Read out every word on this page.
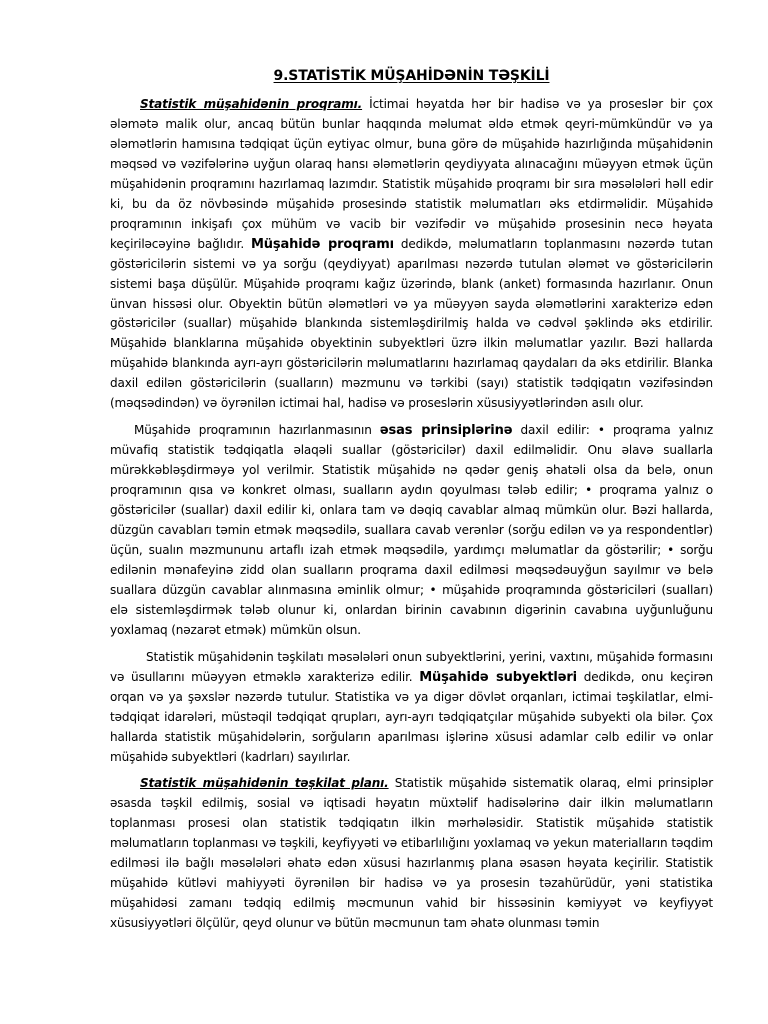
9.STATİSTİK MÜŞAHİDƏNİN TƏŞKİLİ

Statistik müşahidənin proqramı. İctimai həyatda hər bir hadisə və ya proseslər bir çox ələmətə malik olur, ancaq bütün bunlar haqqında məlumat əldə etmək qeyri-mümkündür və ya ələmətlərin hamısına tədqiqat üçün eytiyac olmur, buna görə də müşahidə hazırlığında müşahidənin məqsəd və vəzifələrinə uyğun olaraq hansı ələmətlərin qeydiyyata alınacağını müəyyən etmək üçün müşahidənin proqramını hazırlamaq lazımdır. Statistik müşahidə proqramı bir sıra məsələləri həll edir ki, bu da öz növbəsində müşahidə prosesində statistik məlumatları əks etdirməlidir. Müşahidə proqramının inkişafı çox mühüm və vacib bir vəzifədir və müşahidə prosesinin necə həyata keçiriləcəyinə bağlıdır. Müşahidə proqramı dedikdə, məlumatların toplanmasını nəzərdə tutan göstəricilərin sistemi və ya sorğu (qeydiyyat) aparılması nəzərdə tutulan ələmət və göstəricilərin sistemi başa düşülür. Müşahidə proqramı kağız üzərində, blank (anket) formasında hazırlanır. Onun ünvan hissəsi olur. Obyektin bütün ələmətləri və ya müəyyən sayda ələmətlərini xarakterizə edən göstəricilər (suallar) müşahidə blankında sistemləşdirilmiş halda və cədvəl şəklində əks etdirilir. Müşahidə blanklarına müşahidə obyektinin subyektləri üzrə ilkin məlumatlar yazılır. Bəzi hallarda müşahidə blankında ayrı-ayrı göstəricilərin məlumatlarını hazırlamaq qaydaları da əks etdirilir. Blanka daxil edilən göstəricilərin (sualların) məzmunu və tərkibi (sayı) statistik tədqiqatın vəzifəsindən (məqsədindən) və öyrənilən ictimai hal, hadisə və proseslərin xüsusiyyətlərindən asılı olur.

Müşahidə proqramının hazırlanmasının əsas prinsiplərinə daxil edilir: • proqrama yalnız müvafiq statistik tədqiqatla əlaqəli suallar (göstəricilər) daxil edilməlidir. Onu əlavə suallarla mürəkkəbləşdirməyə yol verilmir. Statistik müşahidə nə qədər geniş əhatəli olsa da belə, onun proqramının qısa və konkret olması, sualların aydın qoyulması tələb edilir; • proqrama yalnız o göstəricilər (suallar) daxil edilir ki, onlara tam və dəqiq cavablar almaq mümkün olur. Bəzi hallarda, düzgün cavabları təmin etmək məqsədilə, suallara cavab verənlər (sorğu edilən və ya respondentlər) üçün, sualın məzmununu artaflı izah etmək məqsədilə, yardımçı məlumatlar da göstərilir; • sorğu edilənin mənafeyinə zidd olan sualların proqrama daxil edilməsi məqsədəuyğun sayılmır və belə suallara düzgün cavablar alınmasına əminlik olmur; • müşahidə proqramında göstəriciləri (sualları) elə sistemləşdirmək tələb olunur ki, onlardan birinin cavabının digərinin cavabına uyğunluğunu yoxlamaq (nəzarət etmək) mümkün olsun.

Statistik müşahidənin təşkilatı məsələləri onun subyektlərini, yerini, vaxtını, müşahidə formasını və üsullarını müəyyən etməklə xarakterizə edilir. Müşahidə subyektləri dedikdə, onu keçirən orqan və ya şəxslər nəzərdə tutulur. Statistika və ya digər dövlət orqanları, ictimai təşkilatlar, elmi-tədqiqat idarələri, müstəqil tədqiqat qrupları, ayrı-ayrı tədqiqatçılar müşahidə subyekti ola bilər. Çox hallarda statistik müşahidələrin, sorğuların aparılması işlərinə xüsusi adamlar cəlb edilir və onlar müşahidə subyektləri (kadrları) sayılırlar.

Statistik müşahidənin təşkilat planı. Statistik müşahidə sistematik olaraq, elmi prinsiplər əsasda təşkil edilmiş, sosial və iqtisadi həyatın müxtəlif hadisələrinə dair ilkin məlumatların toplanması prosesi olan statistik tədqiqatın ilkin mərhələsidir. Statistik müşahidə statistik məlumatların toplanması və təşkili, keyfiyyəti və etibarlılığını yoxlamaq və yekun materialların təqdim edilməsi ilə bağlı məsələləri əhatə edən xüsusi hazırlanmış plana əsasən həyata keçirilir. Statistik müşahidə kütləvi mahiyyəti öyrənilən bir hadisə və ya prosesin təzahürüdür, yəni statistika müşahidəsi zamanı tədqiq edilmiş məcmunun vahid bir hissəsinin kəmiyyət və keyfiyyət xüsusiyyətləri ölçülür, qeyd olunur və bütün məcmunun tam əhatə olunması təmin
